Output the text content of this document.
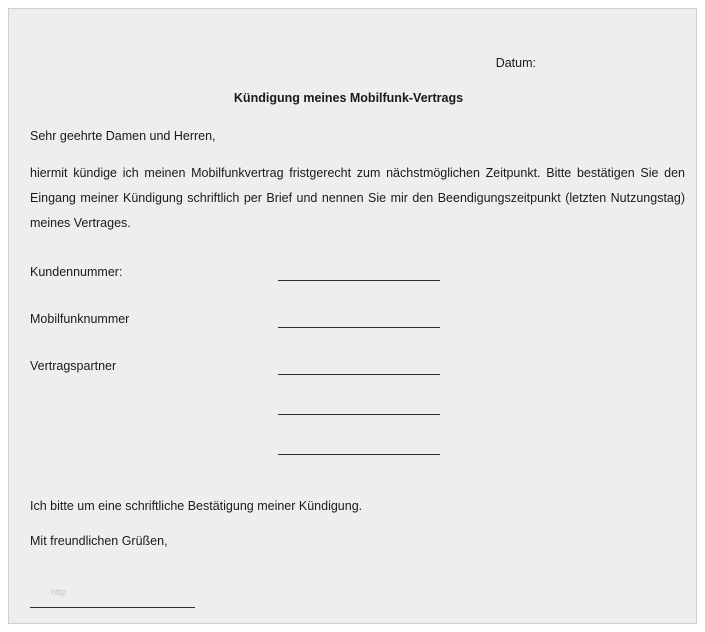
Datum:
Kündigung meines Mobilfunk-Vertrags
Sehr geehrte Damen und Herren,
hiermit kündige ich meinen Mobilfunkvertrag fristgerecht zum nächstmöglichen Zeitpunkt. Bitte bestätigen Sie den Eingang meiner Kündigung schriftlich per Brief und nennen Sie mir den Beendigungszeitpunkt (letzten Nutzungstag) meines Vertrages.
Kundennummer:
Mobilfunknummer
Vertragspartner
Ich bitte um eine schriftliche Bestätigung meiner Kündigung.
Mit freundlichen Grüßen,
http
